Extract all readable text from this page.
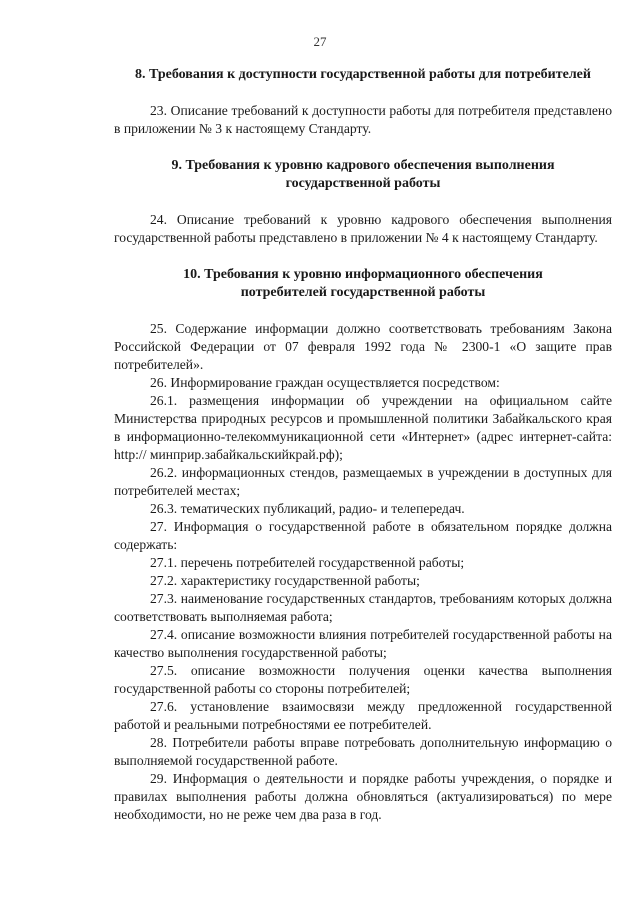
27

8. Требования к доступности государственной работы для потребителей

23. Описание требований к доступности работы для потребителя представлено в приложении № 3 к настоящему Стандарту.

9. Требования к уровню кадрового обеспечения выполнения
государственной работы

24. Описание требований к уровню кадрового обеспечения выполнения государственной работы представлено в приложении № 4 к настоящему Стандарту.

10. Требования к уровню информационного обеспечения
потребителей государственной работы

25. Содержание информации должно соответствовать требованиям Закона Российской Федерации от 07 февраля 1992 года № 2300-1 «О защите прав потребителей».

26. Информирование граждан осуществляется посредством:

26.1. размещения информации об учреждении на официальном сайте Министерства природных ресурсов и промышленной политики Забайкальского края в информационно-телекоммуникационной сети «Интернет» (адрес интернет-сайта: http:// минприр.забайкальскийкрай.рф);

26.2. информационных стендов, размещаемых в учреждении в доступных для потребителей местах;

26.3. тематических публикаций, радио- и телепередач.

27. Информация о государственной работе в обязательном порядке должна содержать:

27.1. перечень потребителей государственной работы;

27.2. характеристику государственной работы;

27.3. наименование государственных стандартов, требованиям которых должна соответствовать выполняемая работа;

27.4. описание возможности влияния потребителей государственной работы на качество выполнения государственной работы;

27.5. описание возможности получения оценки качества выполнения государственной работы со стороны потребителей;

27.6. установление взаимосвязи между предложенной государственной работой и реальными потребностями ее потребителей.

28. Потребители работы вправе потребовать дополнительную информацию о выполняемой государственной работе.

29. Информация о деятельности и порядке работы учреждения, о порядке и правилах выполнения работы должна обновляться (актуализироваться) по мере необходимости, но не реже чем два раза в год.
